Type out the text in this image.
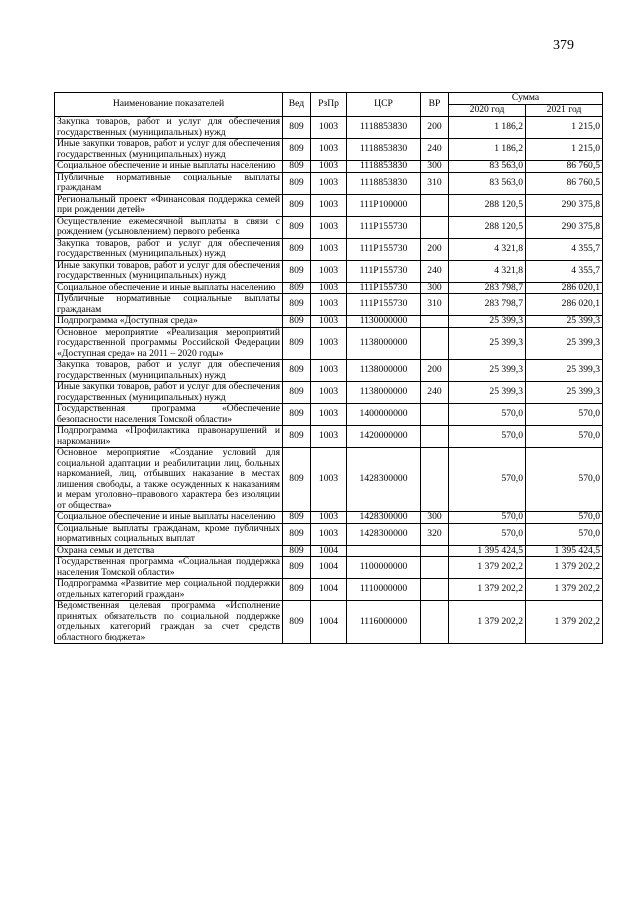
379
Наименование показателей	Вед	РзПр	ЦСР	ВР	Сумма	
					2020 год	2021 год
Закупка товаров, работ и услуг для обеспечения государственных (муниципальных) нужд	809	1003	1118853830	200	1 186,2	1 215,0
Иные закупки товаров, работ и услуг для обеспечения государственных (муниципальных) нужд	809	1003	1118853830	240	1 186,2	1 215,0
Социальное обеспечение и иные выплаты населению	809	1003	1118853830	300	83 563,0	86 760,5
Публичные нормативные социальные выплаты гражданам	809	1003	1118853830	310	83 563,0	86 760,5
Региональный проект «Финансовая поддержка семей при рождении детей»	809	1003	111P100000		288 120,5	290 375,8
Осуществление ежемесячной выплаты в связи с рождением (усыновлением) первого ребенка	809	1003	111P155730		288 120,5	290 375,8
Закупка товаров, работ и услуг для обеспечения государственных (муниципальных) нужд	809	1003	111P155730	200	4 321,8	4 355,7
Иные закупки товаров, работ и услуг для обеспечения государственных (муниципальных) нужд	809	1003	111P155730	240	4 321,8	4 355,7
Социальное обеспечение и иные выплаты населению	809	1003	111P155730	300	283 798,7	286 020,1
Публичные нормативные социальные выплаты гражданам	809	1003	111P155730	310	283 798,7	286 020,1
Подпрограмма «Доступная среда»	809	1003	1130000000		25 399,3	25 399,3
Основное мероприятие «Реализация мероприятий государственной программы Российской Федерации «Доступная среда» на 2011 – 2020 годы»	809	1003	1138000000		25 399,3	25 399,3
Закупка товаров, работ и услуг для обеспечения государственных (муниципальных) нужд	809	1003	1138000000	200	25 399,3	25 399,3
Иные закупки товаров, работ и услуг для обеспечения государственных (муниципальных) нужд	809	1003	1138000000	240	25 399,3	25 399,3
Государственная программа «Обеспечение безопасности населения Томской области»	809	1003	1400000000		570,0	570,0
Подпрограмма «Профилактика правонарушений и наркомании»	809	1003	1420000000		570,0	570,0
Основное мероприятие «Создание условий для социальной адаптации и реабилитации лиц, больных наркоманией, лиц, отбывших наказание в местах лишения свободы, а также осужденных к наказаниям и мерам уголовно–правового характера без изоляции от общества»	809	1003	1428300000		570,0	570,0
Социальное обеспечение и иные выплаты населению	809	1003	1428300000	300	570,0	570,0
Социальные выплаты гражданам, кроме публичных нормативных социальных выплат	809	1003	1428300000	320	570,0	570,0
Охрана семьи и детства	809	1004			1 395 424,5	1 395 424,5
Государственная программа «Социальная поддержка населения Томской области»	809	1004	1100000000		1 379 202,2	1 379 202,2
Подпрограмма «Развитие мер социальной поддержки отдельных категорий граждан»	809	1004	1110000000		1 379 202,2	1 379 202,2
Ведомственная целевая программа «Исполнение принятых обязательств по социальной поддержке отдельных категорий граждан за счет средств областного бюджета»	809	1004	1116000000		1 379 202,2	1 379 202,2
